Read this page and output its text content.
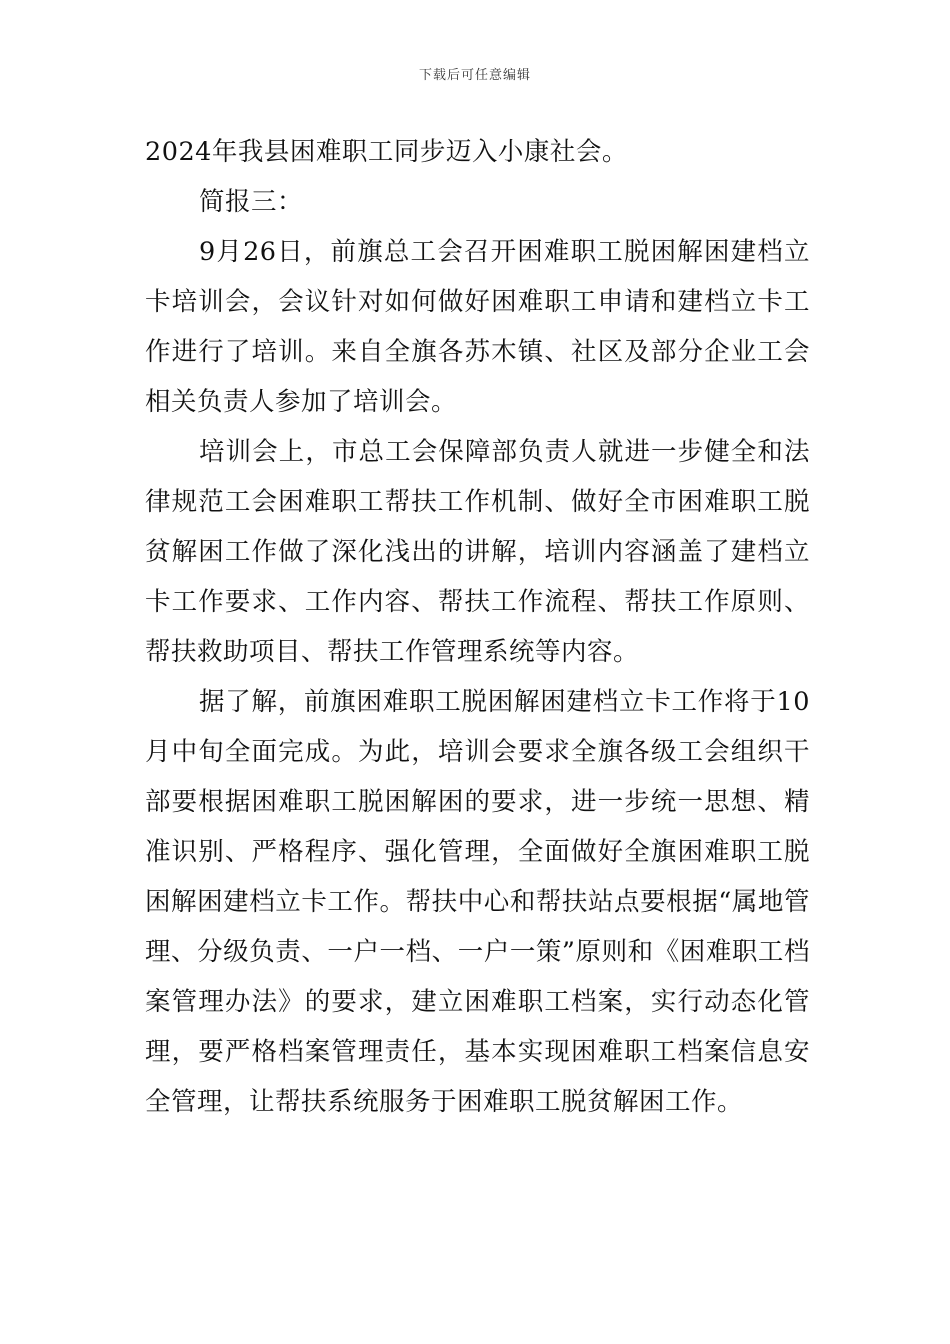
下载后可任意编辑

2024年我县困难职工同步迈入小康社会。

简报三：

9月26日，前旗总工会召开困难职工脱困解困建档立卡培训会，会议针对如何做好困难职工申请和建档立卡工作进行了培训。来自全旗各苏木镇、社区及部分企业工会相关负责人参加了培训会。

培训会上，市总工会保障部负责人就进一步健全和法律规范工会困难职工帮扶工作机制、做好全市困难职工脱贫解困工作做了深化浅出的讲解，培训内容涵盖了建档立卡工作要求、工作内容、帮扶工作流程、帮扶工作原则、帮扶救助项目、帮扶工作管理系统等内容。

据了解，前旗困难职工脱困解困建档立卡工作将于10月中旬全面完成。为此，培训会要求全旗各级工会组织干部要根据困难职工脱困解困的要求，进一步统一思想、精准识别、严格程序、强化管理，全面做好全旗困难职工脱困解困建档立卡工作。帮扶中心和帮扶站点要根据“属地管理、分级负责、一户一档、一户一策”原则和《困难职工档案管理办法》的要求，建立困难职工档案，实行动态化管理，要严格档案管理责任，基本实现困难职工档案信息安全管理，让帮扶系统服务于困难职工脱贫解困工作。
